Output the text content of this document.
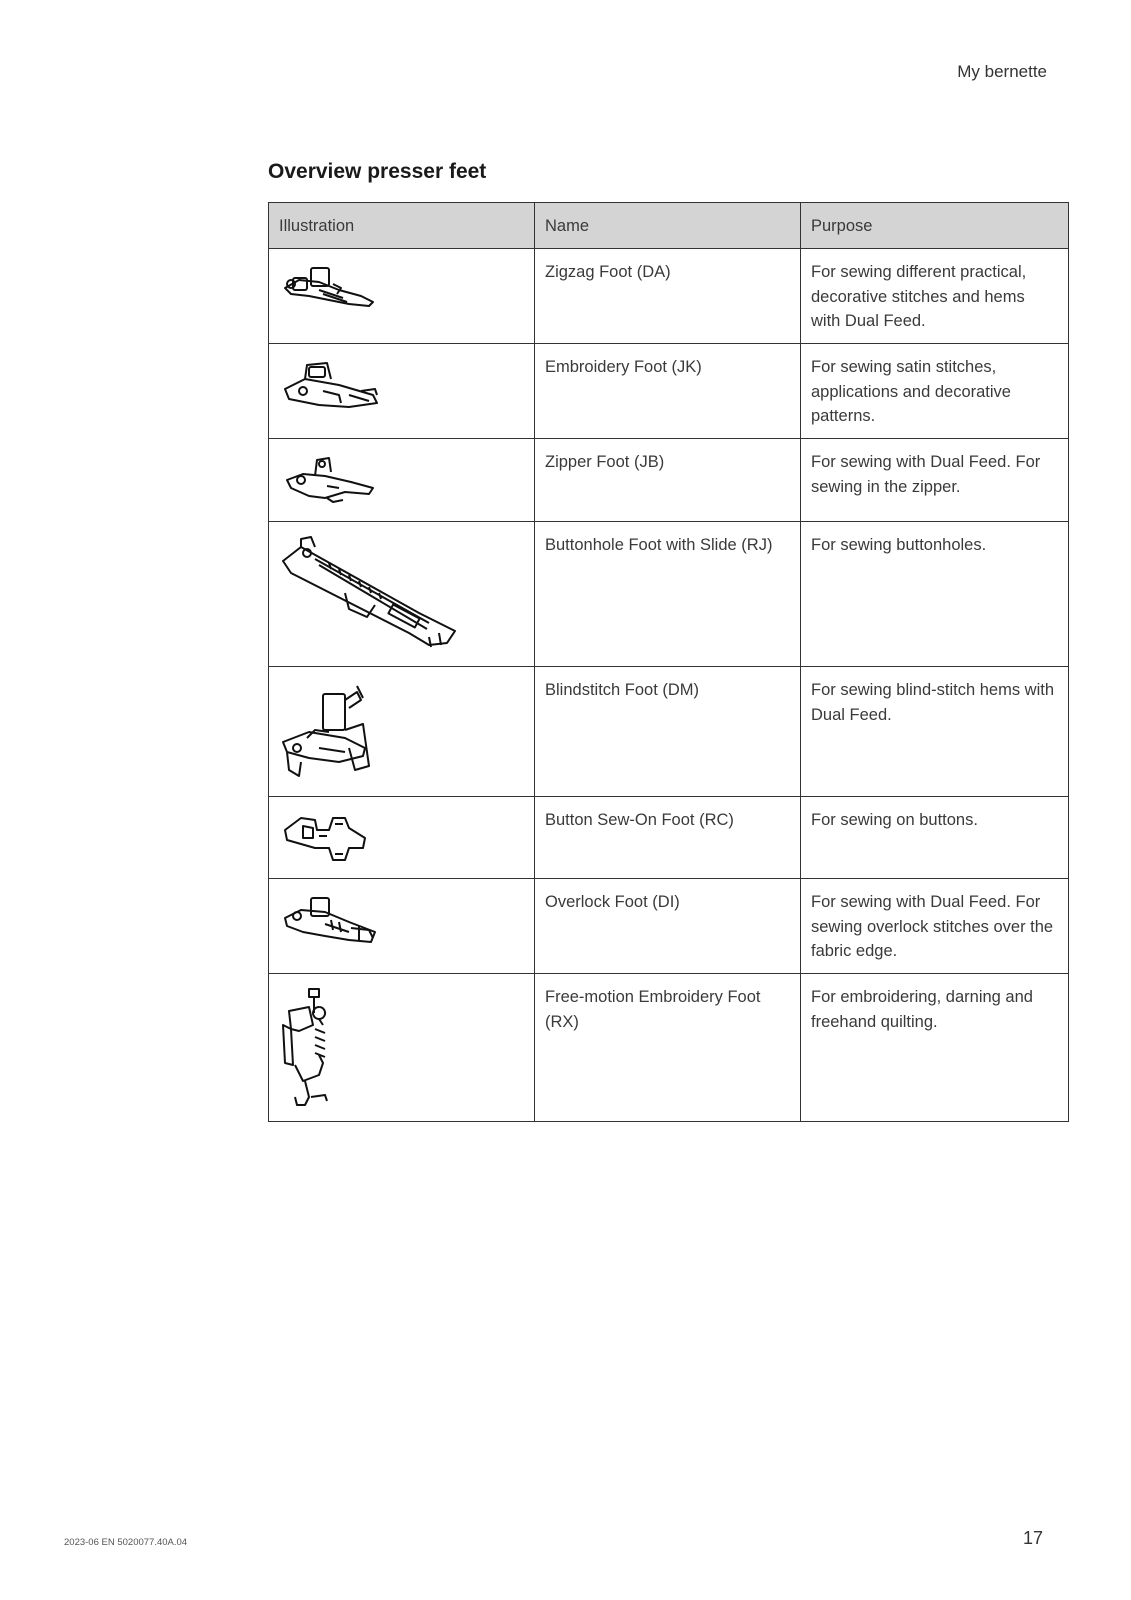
My bernette
Overview presser feet
Illustration	Name	Purpose

	Zigzag Foot (DA)	For sewing different practical, decorative stitches and hems with Dual Feed.

	Embroidery Foot (JK)	For sewing satin stitches, applications and decorative patterns.

	Zipper Foot (JB)	For sewing with Dual Feed. For sewing in the zipper.

	Buttonhole Foot with Slide (RJ)	For sewing buttonholes.

	Blindstitch Foot (DM)	For sewing blind-stitch hems with Dual Feed.

	Button Sew-On Foot (RC)	For sewing on buttons.

	Overlock Foot (DI)	For sewing with Dual Feed. For sewing overlock stitches over the fabric edge.

	Free-motion Embroidery Foot (RX)	For embroidering, darning and freehand quilting.
2023-06 EN 5020077.40A.04	17
